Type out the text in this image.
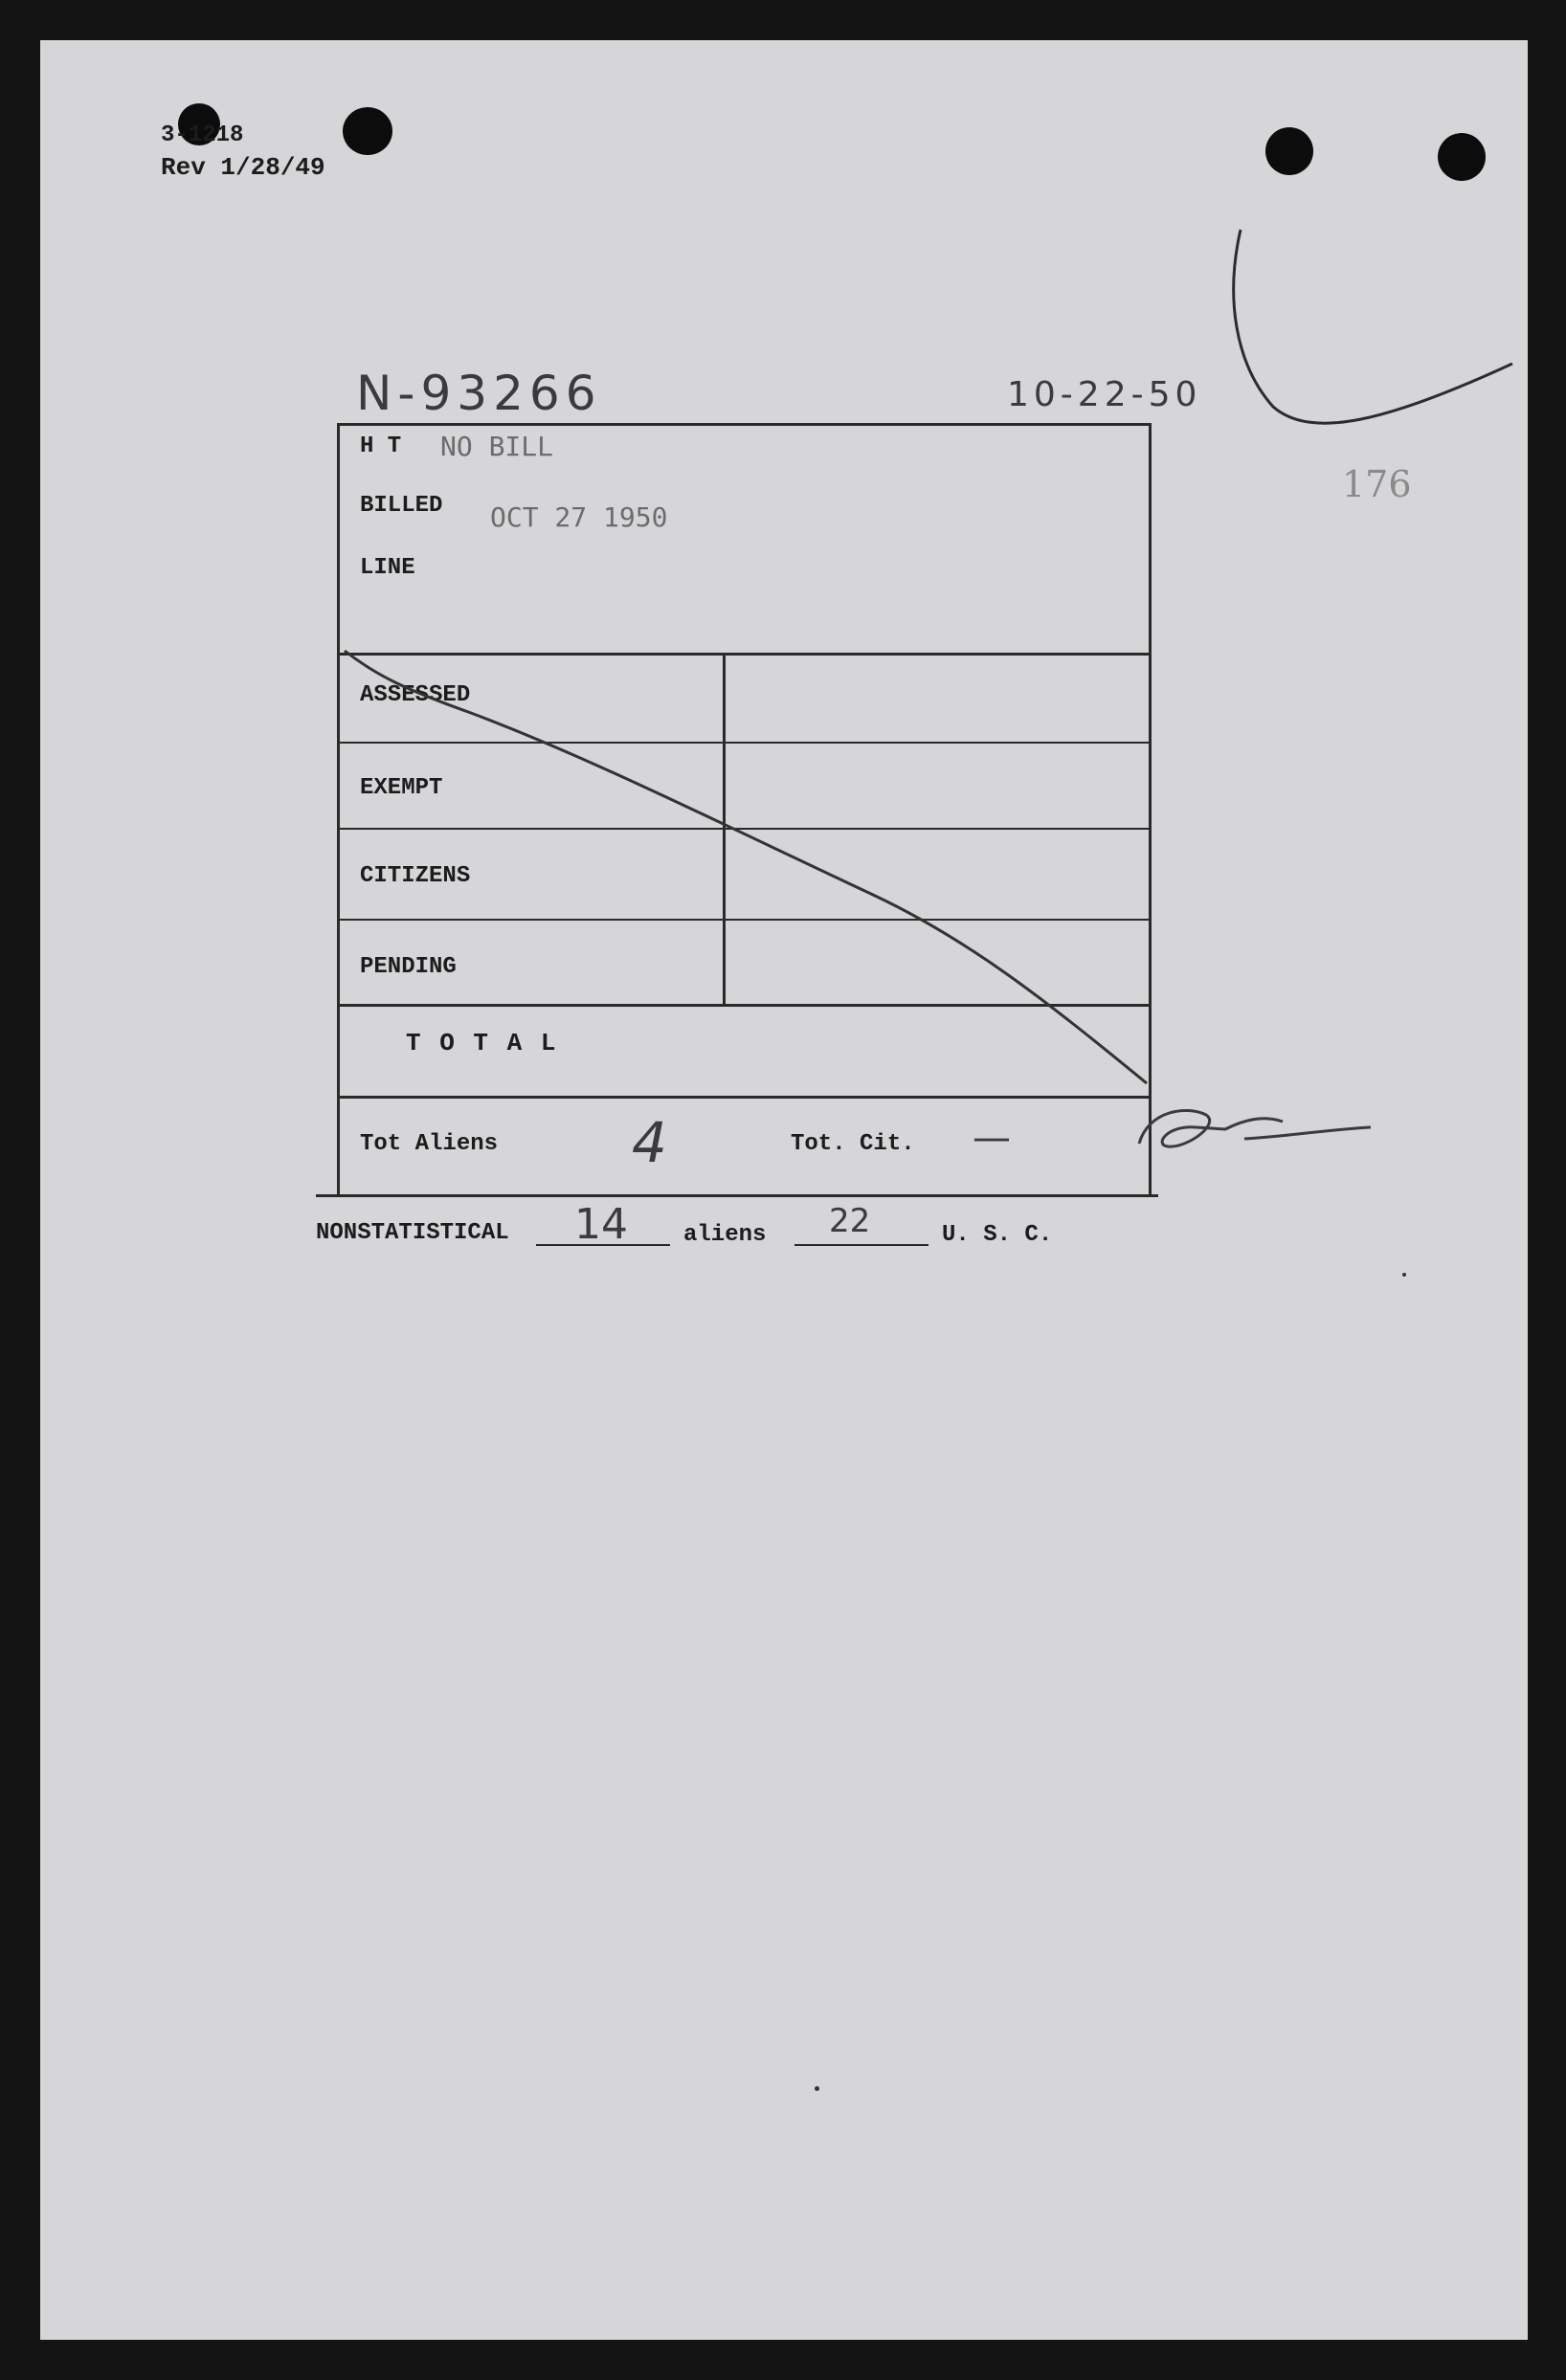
3-1218
Rev 1/28/49
N-93266	10-22-50
176
H T NO BILL
BILLED OCT 27 1950
LINE
ASSESSED
EXEMPT
CITIZENS
PENDING
T O T A L
Tot Aliens 4	Tot. Cit. —
NONSTATISTICAL 14 aliens 22	U. S. C.
